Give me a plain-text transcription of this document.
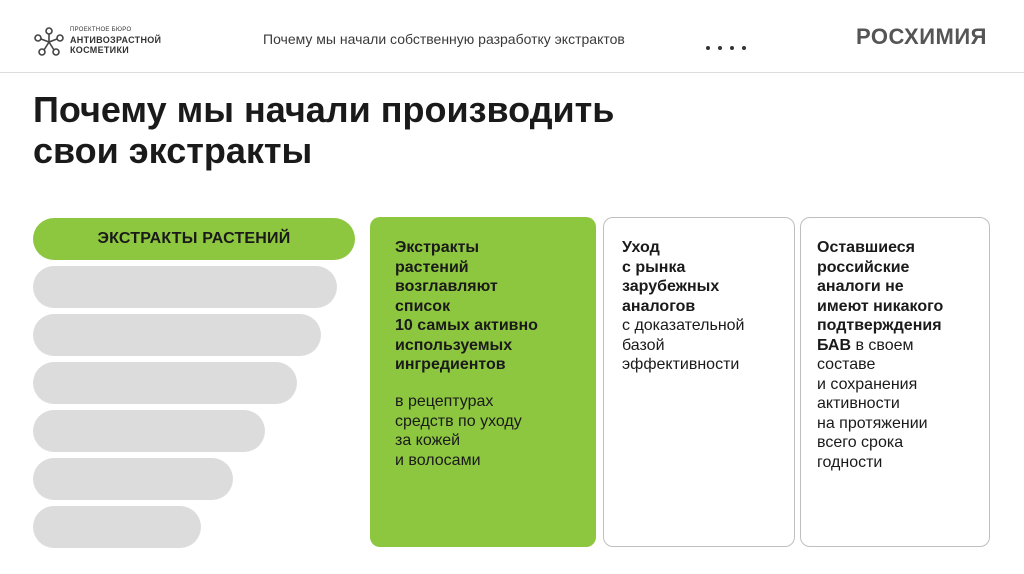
ПРОЕКТНОЕ БЮРО
АНТИВОЗРАСТНОЙ
КОСМЕТИКИ
Почему мы начали собственную разработку экстрактов	РОСХИМИЯ
Почему мы начали производить свои экстракты
ЭКСТРАКТЫ РАСТЕНИЙ
Экстракты
растений
возглавляют
список
10 самых активно
используемых
ингредиентов
в рецептурах
средств по уходу
за кожей
и волосами
Уход
с рынка
зарубежных
аналогов
с доказательной
базой
эффективности
Оставшиеся
российские
аналоги не
имеют никакого
подтверждения
БАВ в своем
составе
и сохранения
активности
на протяжении
всего срока
годности
